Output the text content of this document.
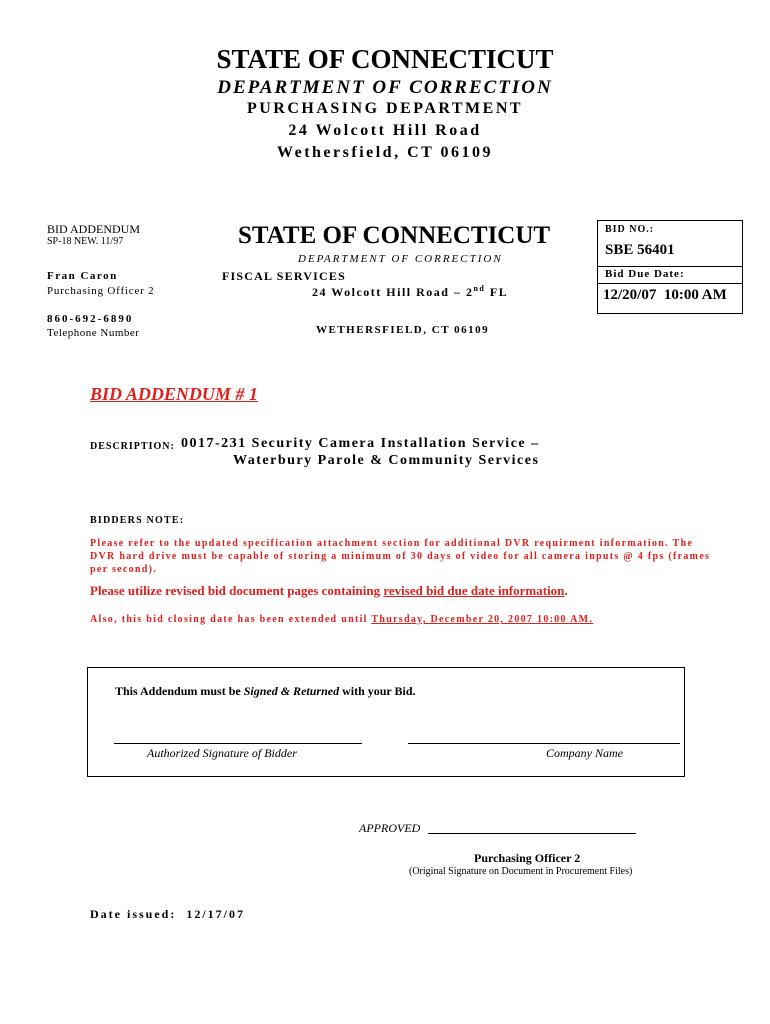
STATE OF CONNECTICUT
DEPARTMENT OF CORRECTION
PURCHASING DEPARTMENT
24 Wolcott Hill Road
Wethersfield, CT 06109
BID ADDENDUM
SP-18 NEW. 11/97
Fran Caron
Purchasing Officer 2
860-692-6890
Telephone Number
STATE OF CONNECTICUT
DEPARTMENT OF CORRECTION
FISCAL SERVICES
24 Wolcott Hill Road – 2nd FL
WETHERSFIELD, CT 06109
BID NO.:
SBE 56401
Bid Due Date:
12/20/07  10:00 AM
BID ADDENDUM # 1
DESCRIPTION: 0017-231 Security Camera Installation Service –
Waterbury Parole & Community Services
BIDDERS NOTE:
Please refer to the updated specification attachment section for additional DVR requirment information. The
DVR hard drive must be capable of storing a minimum of 30 days of video for all camera inputs @ 4 fps (frames
per second).
Please utilize revised bid document pages containing revised bid due date information.
Also, this bid closing date has been extended until Thursday, December 20, 2007 10:00 AM.
This Addendum must be Signed & Returned with your Bid.
Authorized Signature of Bidder	Company Name
APPROVED
Purchasing Officer 2
(Original Signature on Document in Procurement Files)
Date issued:  12/17/07
